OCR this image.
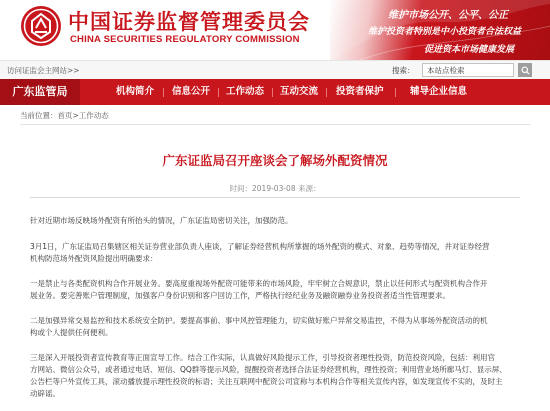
中国证券监督管理委员会
CHINA SECURITIES REGULATORY COMMISSION
维护市场公开、公平、公正
维护投资者特别是中小投资者合法权益
促进资本市场健康发展
访问证监会主网站>>	搜索：
本站点检索
广东监管局	机构简介 信息公开 工作动态 互动交流 投资者保护	辅导企业信息
当前位置：首页>工作动态
广东证监局召开座谈会了解场外配资情况
时间：2019-03-08 来源：
针对近期市场反映场外配资有所抬头的情况，广东证监局密切关注，加强防范。
3月1日，广东证监局召集辖区相关证券营业部负责人座谈，了解证券经营机构所掌握的场外配资的模式、对象、趋势等情况，并对证券经营
机构防范场外配资风险提出明确要求：
一是禁止与各类配资机构合作开展业务。要高度重视场外配资可能带来的市场风险，牢牢树立合规意识，禁止以任何形式与配资机构合作开
展业务。要完善账户管理制度，加强客户身份识别和客户回访工作，严格执行经纪业务及融资融券业务投资者适当性管理要求。
二是加强异常交易监控和技术系统安全防护。要提高事前、事中风控管理能力，切实做好账户异常交易监控，不得为从事场外配资活动的机
构或个人提供任何便利。
三是深入开展投资者宣传教育等正面宣导工作。结合工作实际，认真做好风险提示工作，引导投资者理性投资，防范投资风险，包括：利用官
方网站、微信公众号，或者通过电话、短信、QQ群等提示风险，提醒投资者选择合法证券经营机构，理性投资；利用营业场所廊马灯、显示屏、
公告栏等户外宣传工具，滚动播放提示理性投资的标语；关注互联网中配资公司宣称与本机构合作等相关宣传内容，如发现宣传不实的，及时主
动辟谣。
